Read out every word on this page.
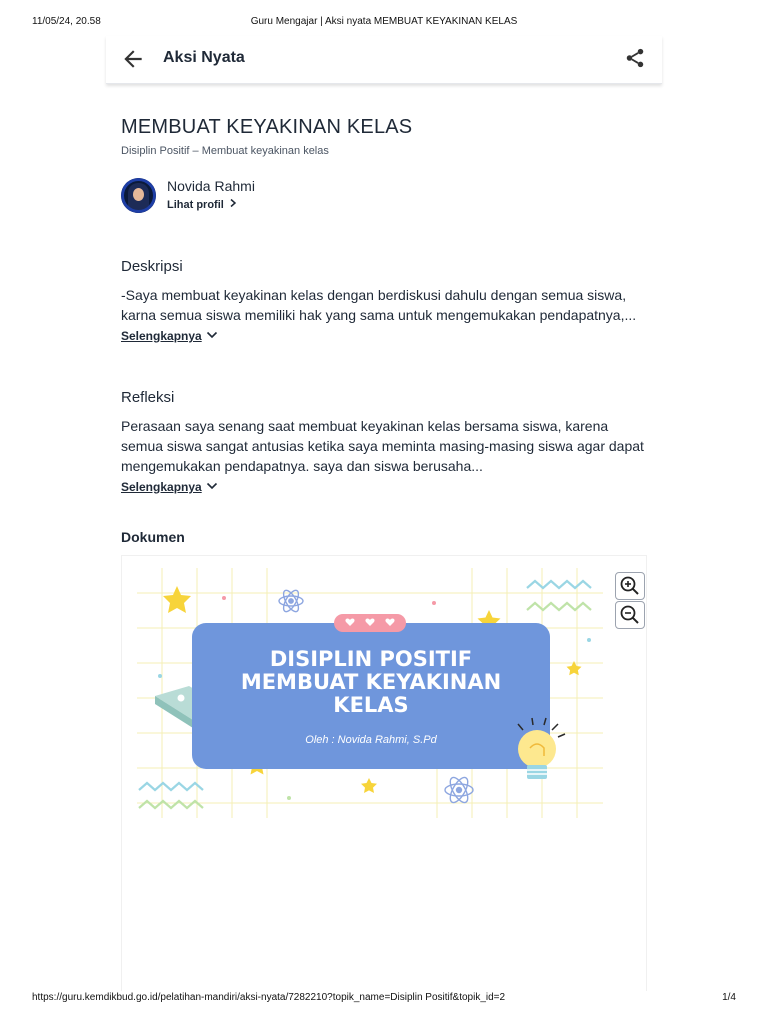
11/05/24, 20.58	Guru Mengajar | Aksi nyata MEMBUAT KEYAKINAN KELAS
Aksi Nyata
MEMBUAT KEYAKINAN KELAS
Disiplin Positif – Membuat keyakinan kelas
Novida Rahmi
Lihat profil
Deskripsi

-Saya membuat keyakinan kelas dengan berdiskusi dahulu dengan semua siswa, karna semua siswa memiliki hak yang sama untuk mengemukakan pendapatnya,...

Selengkapnya
Refleksi

Perasaan saya senang saat membuat keyakinan kelas bersama siswa, karena semua siswa sangat antusias ketika saya meminta masing-masing siswa agar dapat mengemukakan pendapatnya. saya dan siswa berusaha...

Selengkapnya
Dokumen
DISIPLIN POSITIF
MEMBUAT KEYAKINAN
KELAS
Oleh : Novida Rahmi, S.Pd
https://guru.kemdikbud.go.id/pelatihan-mandiri/aksi-nyata/7282210?topik_name=Disiplin Positif&topik_id=2	1/4
